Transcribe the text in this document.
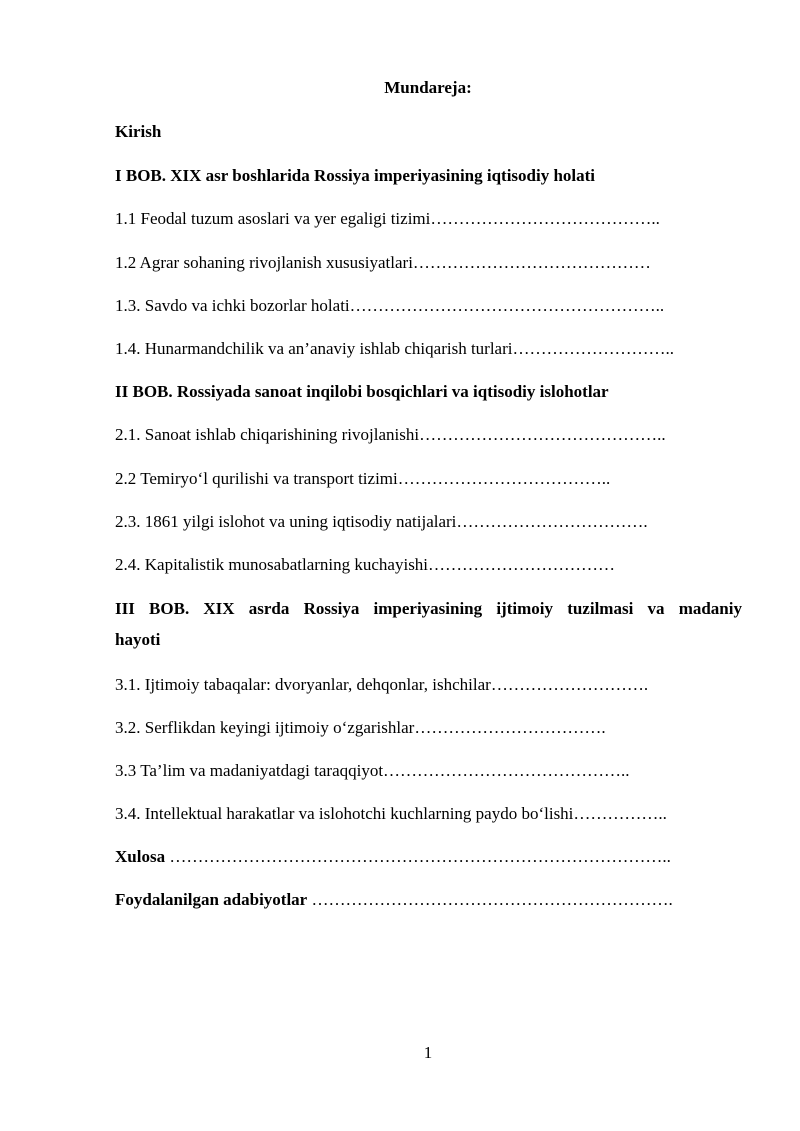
Mundareja:
Kirish
I BOB. XIX asr boshlarida Rossiya imperiyasining iqtisodiy holati
1.1 Feodal tuzum asoslari va yer egaligi tizimi…………………………………..
1.2 Agrar sohaning rivojlanish xususiyatlari……………………………………
1.3. Savdo va ichki bozorlar holati………………………………………………..
1.4. Hunarmandchilik va an’anaviy ishlab chiqarish turlari………………………..
II BOB. Rossiyada sanoat inqilobi bosqichlari va iqtisodiy islohotlar
2.1. Sanoat ishlab chiqarishining rivojlanishi……………………………………..
2.2 Temiryo‘l qurilishi va transport tizimi………………………………..
2.3. 1861 yilgi islohot va uning iqtisodiy natijalari…………………………….
2.4. Kapitalistik munosabatlarning kuchayishi……………………………
III BOB. XIX asrda Rossiya imperiyasining ijtimoiy tuzilmasi va madaniy
hayoti
3.1. Ijtimoiy tabaqalar: dvoryanlar, dehqonlar, ishchilar……………………….
3.2. Serflikdan keyingi ijtimoiy o‘zgarishlar…………………………….
3.3 Ta’lim va madaniyatdagi taraqqiyot……………………………………..
3.4. Intellektual harakatlar va islohotchi kuchlarning paydo bo‘lishi……………..
Xulosa ……………………………………………………………………………..
Foydalanilgan adabiyotlar ……………………………………………………….
1
